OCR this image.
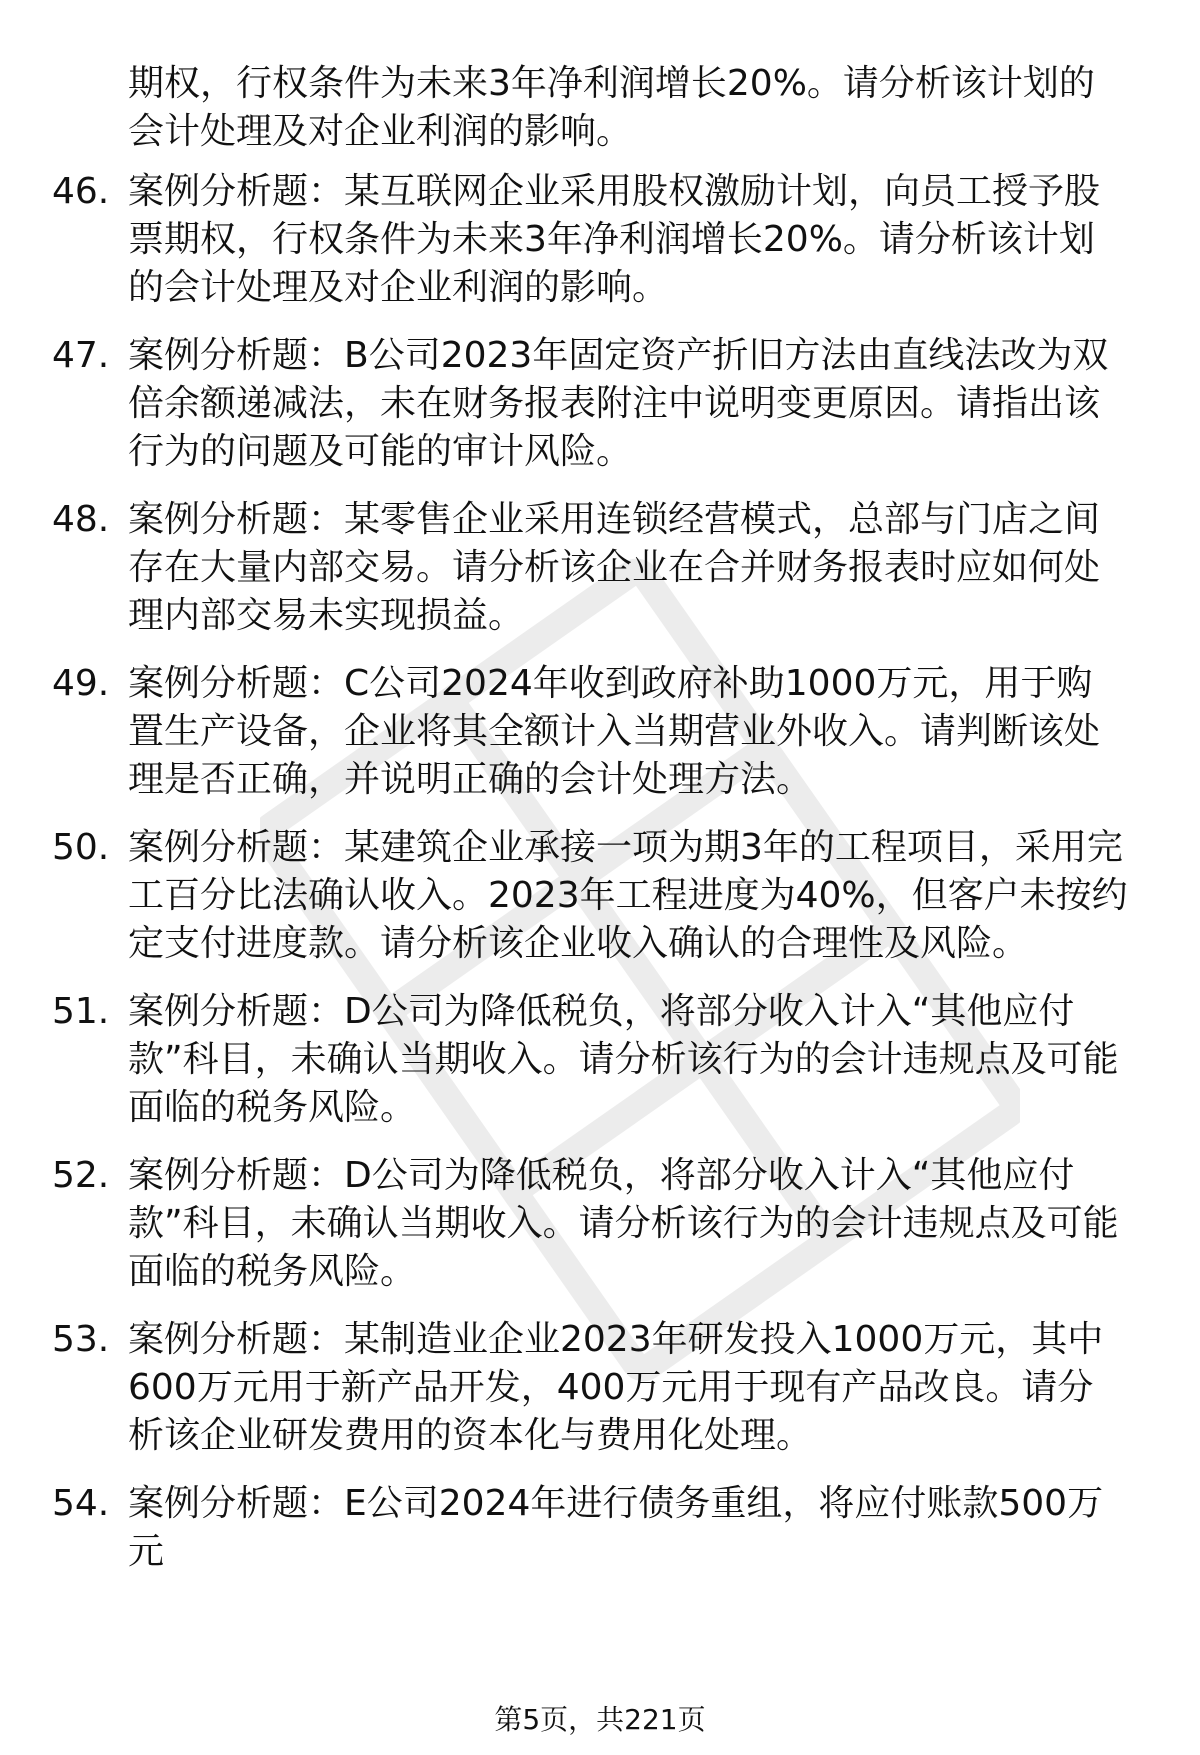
期权，行权条件为未来3年净利润增长20%。请分析该计划的会计处理及对企业利润的影响。

46. 案例分析题：某互联网企业采用股权激励计划，向员工授予股票期权，行权条件为未来3年净利润增长20%。请分析该计划的会计处理及对企业利润的影响。

47. 案例分析题：B公司2023年固定资产折旧方法由直线法改为双倍余额递减法，未在财务报表附注中说明变更原因。请指出该行为的问题及可能的审计风险。

48. 案例分析题：某零售企业采用连锁经营模式，总部与门店之间存在大量内部交易。请分析该企业在合并财务报表时应如何处理内部交易未实现损益。

49. 案例分析题：C公司2024年收到政府补助1000万元，用于购置生产设备，企业将其全额计入当期营业外收入。请判断该处理是否正确，并说明正确的会计处理方法。

50. 案例分析题：某建筑企业承接一项为期3年的工程项目，采用完工百分比法确认收入。2023年工程进度为40%，但客户未按约定支付进度款。请分析该企业收入确认的合理性及风险。

51. 案例分析题：D公司为降低税负，将部分收入计入“其他应付款”科目，未确认当期收入。请分析该行为的会计违规点及可能面临的税务风险。

52. 案例分析题：D公司为降低税负，将部分收入计入“其他应付款”科目，未确认当期收入。请分析该行为的会计违规点及可能面临的税务风险。

53. 案例分析题：某制造业企业2023年研发投入1000万元，其中600万元用于新产品开发，400万元用于现有产品改良。请分析该企业研发费用的资本化与费用化处理。

54. 案例分析题：E公司2024年进行债务重组，将应付账款500万元

第5页，共221页
